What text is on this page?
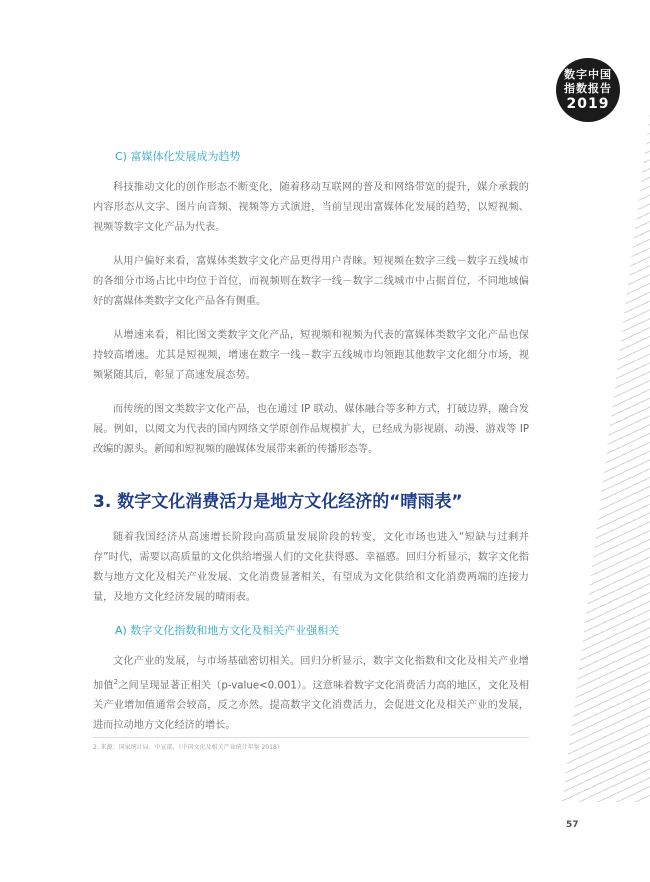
数字中国
指数报告
2019
C) 富媒体化发展成为趋势

科技推动文化的创作形态不断变化，随着移动互联网的普及和网络带宽的提升，媒介承载的内容形态从文字、图片向音频、视频等方式演进，当前呈现出富媒体化发展的趋势，以短视频、视频等数字文化产品为代表。

从用户偏好来看，富媒体类数字文化产品更得用户青睐。短视频在数字三线－数字五线城市的各细分市场占比中均位于首位，而视频则在数字一线－数字二线城市中占据首位，不同地域偏好的富媒体类数字文化产品各有侧重。

从增速来看，相比图文类数字文化产品，短视频和视频为代表的富媒体类数字文化产品也保持较高增速。尤其是短视频，增速在数字一线－数字五线城市均领跑其他数字文化细分市场，视频紧随其后，彰显了高速发展态势。

而传统的图文类数字文化产品，也在通过 IP 联动、媒体融合等多种方式，打破边界，融合发展。例如，以阅文为代表的国内网络文学原创作品规模扩大，已经成为影视剧、动漫、游戏等 IP 改编的源头。新闻和短视频的融媒体发展带来新的传播形态等。

3. 数字文化消费活力是地方文化经济的“晴雨表”

随着我国经济从高速增长阶段向高质量发展阶段的转变，文化市场也进入“短缺与过剩并存”时代，需要以高质量的文化供给增强人们的文化获得感、幸福感。回归分析显示，数字文化指数与地方文化及相关产业发展、文化消费显著相关，有望成为文化供给和文化消费两端的连接力量，及地方文化经济发展的晴雨表。

A) 数字文化指数和地方文化及相关产业强相关

文化产业的发展，与市场基础密切相关。回归分析显示，数字文化指数和文化及相关产业增加值$^2$之间呈现显著正相关（p-value<0.001）。这意味着数字文化消费活力高的地区，文化及相关产业增加值通常会较高，反之亦然。提高数字文化消费活力，会促进文化及相关产业的发展，进而拉动地方文化经济的增长。

2. 来源：国家统计局、中宣部，《中国文化及相关产业统计年鉴 2018》
57
